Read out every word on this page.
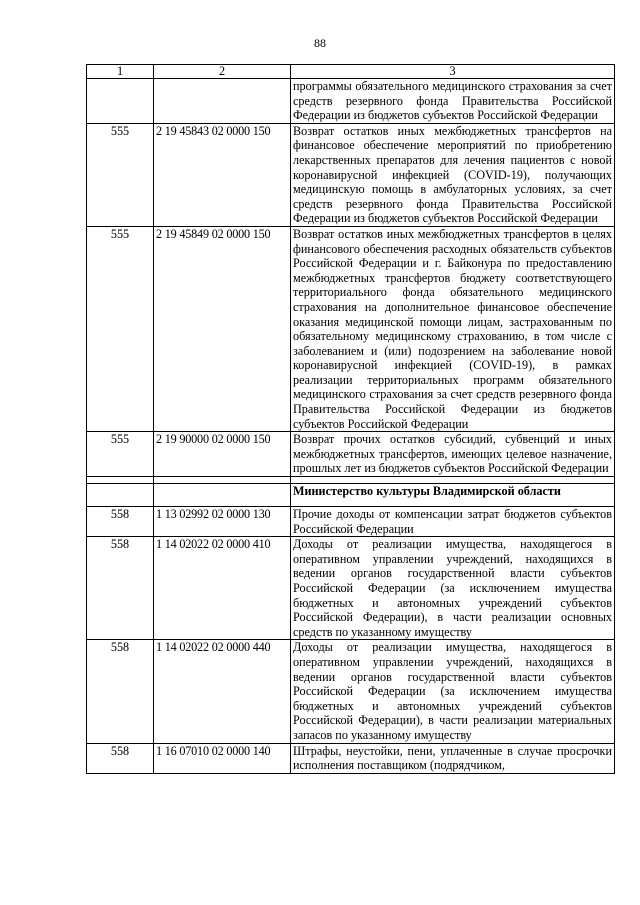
88
1	2	3
		программы обязательного медицинского страхования за счет средств резервного фонда Правительства Российской Федерации из бюджетов субъектов Российской Федерации
555	2 19 45843 02 0000 150	Возврат остатков иных межбюджетных трансфертов на финансовое обеспечение мероприятий по приобретению лекарственных препаратов для лечения пациентов с новой коронавирусной инфекцией (COVID-19), получающих медицинскую помощь в амбулаторных условиях, за счет средств резервного фонда Правительства Российской Федерации из бюджетов субъектов Российской Федерации
555	2 19 45849 02 0000 150	Возврат остатков иных межбюджетных трансфертов в целях финансового обеспечения расходных обязательств субъектов Российской Федерации и г. Байконура по предоставлению межбюджетных трансфертов бюджету соответствующего территориального фонда обязательного медицинского страхования на дополнительное финансовое обеспечение оказания медицинской помощи лицам, застрахованным по обязательному медицинскому страхованию, в том числе с заболеванием и (или) подозрением на заболевание новой коронавирусной инфекцией (COVID-19), в рамках реализации территориальных программ обязательного медицинского страхования за счет средств резервного фонда Правительства Российской Федерации из бюджетов субъектов Российской Федерации
555	2 19 90000 02 0000 150	Возврат прочих остатков субсидий, субвенций и иных межбюджетных трансфертов, имеющих целевое назначение, прошлых лет из бюджетов субъектов Российской Федерации

		Министерство культуры Владимирской области
558	1 13 02992 02 0000 130	Прочие доходы от компенсации затрат бюджетов субъектов Российской Федерации
558	1 14 02022 02 0000 410	Доходы от реализации имущества, находящегося в оперативном управлении учреждений, находящихся в ведении органов государственной власти субъектов Российской Федерации (за исключением имущества бюджетных и автономных учреждений субъектов Российской Федерации), в части реализации основных средств по указанному имуществу
558	1 14 02022 02 0000 440	Доходы от реализации имущества, находящегося в оперативном управлении учреждений, находящихся в ведении органов государственной власти субъектов Российской Федерации (за исключением имущества бюджетных и автономных учреждений субъектов Российской Федерации), в части реализации материальных запасов по указанному имуществу
558	1 16 07010 02 0000 140	Штрафы, неустойки, пени, уплаченные в случае просрочки исполнения поставщиком (подрядчиком,
